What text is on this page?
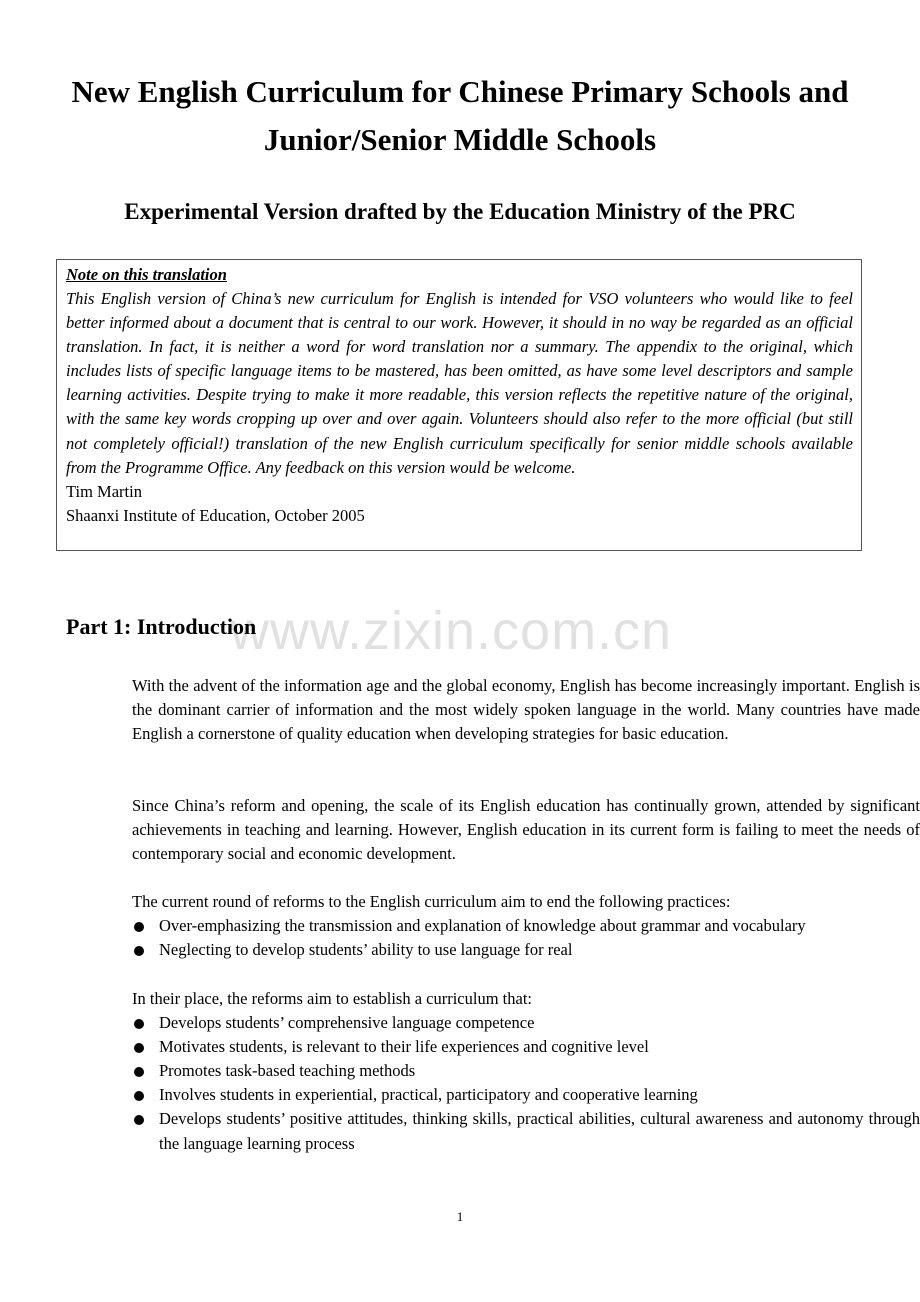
New English Curriculum for Chinese Primary Schools and
Junior/Senior Middle Schools
Experimental Version drafted by the Education Ministry of the PRC
Note on this translation

This English version of China’s new curriculum for English is intended for VSO volunteers who would like to feel better informed about a document that is central to our work. However, it should in no way be regarded as an official translation. In fact, it is neither a word for word translation nor a summary. The appendix to the original, which includes lists of specific language items to be mastered, has been omitted, as have some level descriptors and sample learning activities. Despite trying to make it more readable, this version reflects the repetitive nature of the original, with the same key words cropping up over and over again. Volunteers should also refer to the more official (but still not completely official!) translation of the new English curriculum specifically for senior middle schools available from the Programme Office. Any feedback on this version would be welcome.

Tim Martin
Shaanxi Institute of Education, October 2005
www.zixin.com.cn
Part 1: Introduction

With the advent of the information age and the global economy, English has become increasingly important. English is the dominant carrier of information and the most widely spoken language in the world. Many countries have made English a cornerstone of quality education when developing strategies for basic education.

Since China’s reform and opening, the scale of its English education has continually grown, attended by significant achievements in teaching and learning. However, English education in its current form is failing to meet the needs of contemporary social and economic development.

The current round of reforms to the English curriculum aim to end the following practices:

Over-emphasizing the transmission and explanation of knowledge about grammar and vocabulary
Neglecting to develop students’ ability to use language for real

In their place, the reforms aim to establish a curriculum that:

Develops students’ comprehensive language competence
Motivates students, is relevant to their life experiences and cognitive level
Promotes task-based teaching methods
Involves students in experiential, practical, participatory and cooperative learning
Develops students’ positive attitudes, thinking skills, practical abilities, cultural awareness and autonomy through the language learning process
1
